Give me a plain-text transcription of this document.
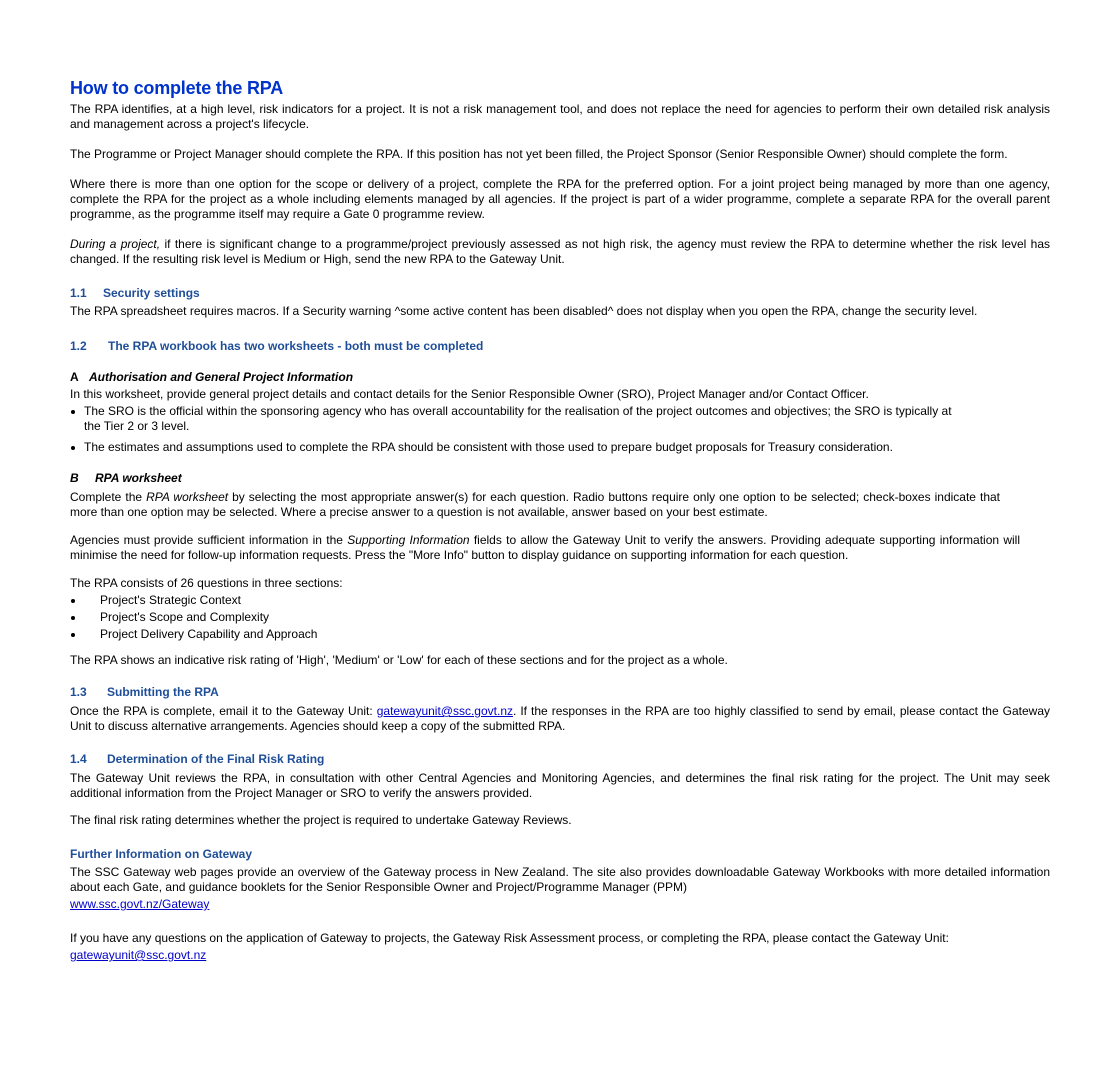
How to complete the RPA

The RPA identifies, at a high level, risk indicators for a project. It is not a risk management tool, and does not replace the need for agencies to perform their own detailed risk analysis and management across a project's lifecycle.

The Programme or Project Manager should complete the RPA. If this position has not yet been filled, the Project Sponsor (Senior Responsible Owner) should complete the form.

Where there is more than one option for the scope or delivery of a project, complete the RPA for the preferred option. For a joint project being managed by more than one agency, complete the RPA for the project as a whole including elements managed by all agencies. If the project is part of a wider programme, complete a separate RPA for the overall parent programme, as the programme itself may require a Gate 0 programme review.

During a project, if there is significant change to a programme/project previously assessed as not high risk, the agency must review the RPA to determine whether the risk level has changed. If the resulting risk level is Medium or High, send the new RPA to the Gateway Unit.

1.1 Security settings

The RPA spreadsheet requires macros. If a Security warning ^some active content has been disabled^ does not display when you open the RPA, change the security level.

1.2 The RPA workbook has two worksheets - both must be completed
A Authorisation and General Project Information

In this worksheet, provide general project details and contact details for the Senior Responsible Owner (SRO), Project Manager and/or Contact Officer.

The SRO is the official within the sponsoring agency who has overall accountability for the realisation of the project outcomes and objectives; the SRO is typically at the Tier 2 or 3 level.
The estimates and assumptions used to complete the RPA should be consistent with those used to prepare budget proposals for Treasury consideration.
B RPA worksheet

Complete the RPA worksheet by selecting the most appropriate answer(s) for each question. Radio buttons require only one option to be selected; check-boxes indicate that more than one option may be selected. Where a precise answer to a question is not available, answer based on your best estimate.

Agencies must provide sufficient information in the Supporting Information fields to allow the Gateway Unit to verify the answers. Providing adequate supporting information will minimise the need for follow-up information requests. Press the "More Info" button to display guidance on supporting information for each question.

The RPA consists of 26 questions in three sections:

Project's Strategic Context
Project's Scope and Complexity
Project Delivery Capability and Approach

The RPA shows an indicative risk rating of 'High', 'Medium' or 'Low' for each of these sections and for the project as a whole.

1.3 Submitting the RPA

Once the RPA is complete, email it to the Gateway Unit: gatewayunit@ssc.govt.nz. If the responses in the RPA are too highly classified to send by email, please contact the Gateway Unit to discuss alternative arrangements. Agencies should keep a copy of the submitted RPA.

1.4 Determination of the Final Risk Rating

The Gateway Unit reviews the RPA, in consultation with other Central Agencies and Monitoring Agencies, and determines the final risk rating for the project. The Unit may seek additional information from the Project Manager or SRO to verify the answers provided.

The final risk rating determines whether the project is required to undertake Gateway Reviews.

Further Information on Gateway

The SSC Gateway web pages provide an overview of the Gateway process in New Zealand. The site also provides downloadable Gateway Workbooks with more detailed information about each Gate, and guidance booklets for the Senior Responsible Owner and Project/Programme Manager (PPM)

www.ssc.govt.nz/Gateway

If you have any questions on the application of Gateway to projects, the Gateway Risk Assessment process, or completing the RPA, please contact the Gateway Unit:

gatewayunit@ssc.govt.nz
